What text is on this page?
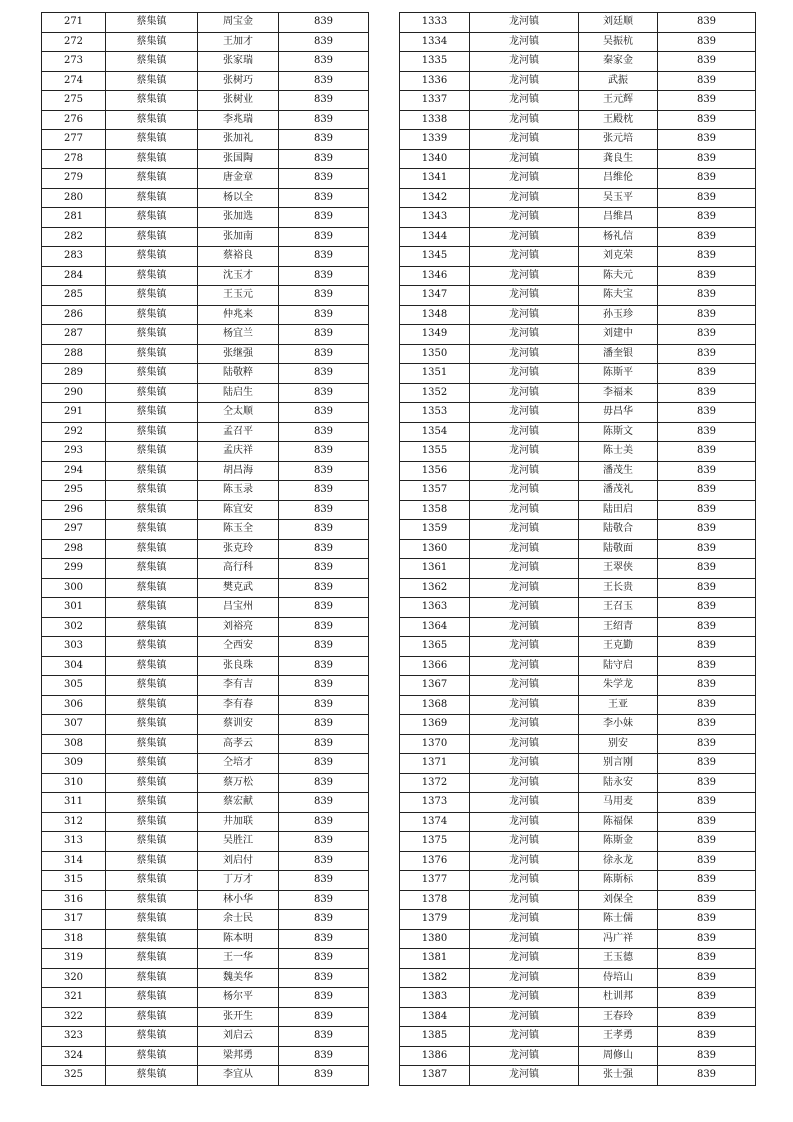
271	蔡集镇	周宝金	839
272	蔡集镇	王加才	839
273	蔡集镇	张家瑞	839
274	蔡集镇	张树巧	839
275	蔡集镇	张树业	839
276	蔡集镇	李兆瑞	839
277	蔡集镇	张加礼	839
278	蔡集镇	张国陶	839
279	蔡集镇	唐金章	839
280	蔡集镇	杨以全	839
281	蔡集镇	张加选	839
282	蔡集镇	张加南	839
283	蔡集镇	蔡裕良	839
284	蔡集镇	沈玉才	839
285	蔡集镇	王玉元	839
286	蔡集镇	仲兆来	839
287	蔡集镇	杨宜兰	839
288	蔡集镇	张继强	839
289	蔡集镇	陆敬粹	839
290	蔡集镇	陆启生	839
291	蔡集镇	仝太顺	839
292	蔡集镇	孟召平	839
293	蔡集镇	孟庆祥	839
294	蔡集镇	胡昌海	839
295	蔡集镇	陈玉录	839
296	蔡集镇	陈宜安	839
297	蔡集镇	陈玉全	839
298	蔡集镇	张克玲	839
299	蔡集镇	高行科	839
300	蔡集镇	樊克武	839
301	蔡集镇	吕宝州	839
302	蔡集镇	刘裕亮	839
303	蔡集镇	仝西安	839
304	蔡集镇	张良珠	839
305	蔡集镇	李有吉	839
306	蔡集镇	李有春	839
307	蔡集镇	蔡训安	839
308	蔡集镇	高孝云	839
309	蔡集镇	仝培才	839
310	蔡集镇	蔡万松	839
311	蔡集镇	蔡宏献	839
312	蔡集镇	井加联	839
313	蔡集镇	吴胜江	839
314	蔡集镇	刘启付	839
315	蔡集镇	丁万才	839
316	蔡集镇	林小华	839
317	蔡集镇	余士民	839
318	蔡集镇	陈本明	839
319	蔡集镇	王一华	839
320	蔡集镇	魏美华	839
321	蔡集镇	杨尔平	839
322	蔡集镇	张开生	839
323	蔡集镇	刘启云	839
324	蔡集镇	梁邦勇	839
325	蔡集镇	李宜从	839
1333	龙河镇	刘廷顺	839
1334	龙河镇	吴振杭	839
1335	龙河镇	秦家金	839
1336	龙河镇	武振	839
1337	龙河镇	王元辉	839
1338	龙河镇	王殿枕	839
1339	龙河镇	张元培	839
1340	龙河镇	龚良生	839
1341	龙河镇	吕维伦	839
1342	龙河镇	吴玉平	839
1343	龙河镇	吕维昌	839
1344	龙河镇	杨礼信	839
1345	龙河镇	刘克荣	839
1346	龙河镇	陈夫元	839
1347	龙河镇	陈夫宝	839
1348	龙河镇	孙玉珍	839
1349	龙河镇	刘建中	839
1350	龙河镇	潘奎银	839
1351	龙河镇	陈斯平	839
1352	龙河镇	李福来	839
1353	龙河镇	毋昌华	839
1354	龙河镇	陈斯文	839
1355	龙河镇	陈士美	839
1356	龙河镇	潘茂生	839
1357	龙河镇	潘茂礼	839
1358	龙河镇	陆田启	839
1359	龙河镇	陆敬合	839
1360	龙河镇	陆敬面	839
1361	龙河镇	王翠侠	839
1362	龙河镇	王长贵	839
1363	龙河镇	王召玉	839
1364	龙河镇	王绍青	839
1365	龙河镇	王克勤	839
1366	龙河镇	陆守启	839
1367	龙河镇	朱学龙	839
1368	龙河镇	王亚	839
1369	龙河镇	李小妹	839
1370	龙河镇	别安	839
1371	龙河镇	别言刚	839
1372	龙河镇	陆永安	839
1373	龙河镇	马用麦	839
1374	龙河镇	陈福保	839
1375	龙河镇	陈斯金	839
1376	龙河镇	徐永龙	839
1377	龙河镇	陈斯标	839
1378	龙河镇	刘保全	839
1379	龙河镇	陈士儒	839
1380	龙河镇	冯广祥	839
1381	龙河镇	王玉德	839
1382	龙河镇	侍培山	839
1383	龙河镇	杜训邦	839
1384	龙河镇	王春玲	839
1385	龙河镇	王孝勇	839
1386	龙河镇	周修山	839
1387	龙河镇	张士强	839
